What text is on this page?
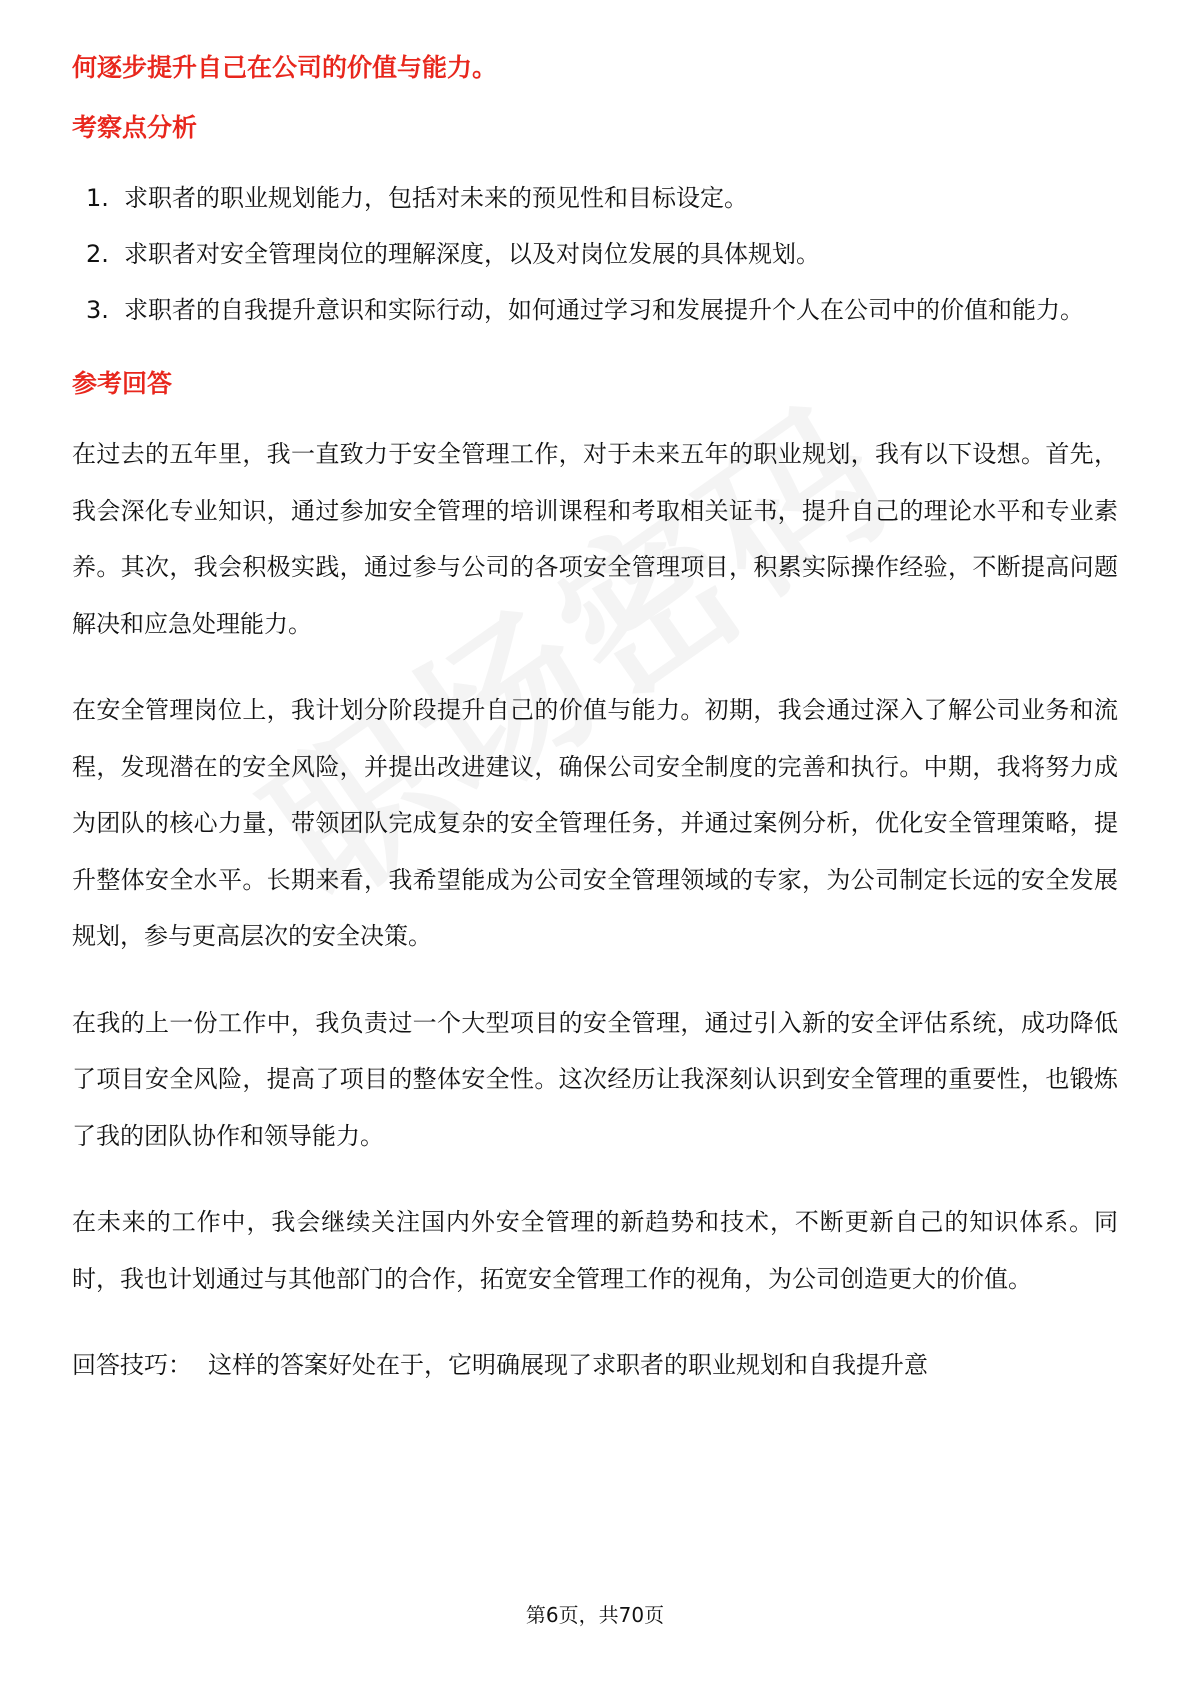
何逐步提升自己在公司的价值与能力。

考察点分析
1. 求职者的职业规划能力，包括对未来的预见性和目标设定。
2. 求职者对安全管理岗位的理解深度，以及对岗位发展的具体规划。
3. 求职者的自我提升意识和实际行动，如何通过学习和发展提升个人在公司中的价值和能力。
参考回答

在过去的五年里，我一直致力于安全管理工作，对于未来五年的职业规划，我有以下设想。首先，我会深化专业知识，通过参加安全管理的培训课程和考取相关证书，提升自己的理论水平和专业素养。其次，我会积极实践，通过参与公司的各项安全管理项目，积累实际操作经验，不断提高问题解决和应急处理能力。

在安全管理岗位上，我计划分阶段提升自己的价值与能力。初期，我会通过深入了解公司业务和流程，发现潜在的安全风险，并提出改进建议，确保公司安全制度的完善和执行。中期，我将努力成为团队的核心力量，带领团队完成复杂的安全管理任务，并通过案例分析，优化安全管理策略，提升整体安全水平。长期来看，我希望能成为公司安全管理领域的专家，为公司制定长远的安全发展规划，参与更高层次的安全决策。

在我的上一份工作中，我负责过一个大型项目的安全管理，通过引入新的安全评估系统，成功降低了项目安全风险，提高了项目的整体安全性。这次经历让我深刻认识到安全管理的重要性，也锻炼了我的团队协作和领导能力。

在未来的工作中，我会继续关注国内外安全管理的新趋势和技术，不断更新自己的知识体系。同时，我也计划通过与其他部门的合作，拓宽安全管理工作的视角，为公司创造更大的价值。

回答技巧： 这样的答案好处在于，它明确展现了求职者的职业规划和自我提升意

第6页，共70页
